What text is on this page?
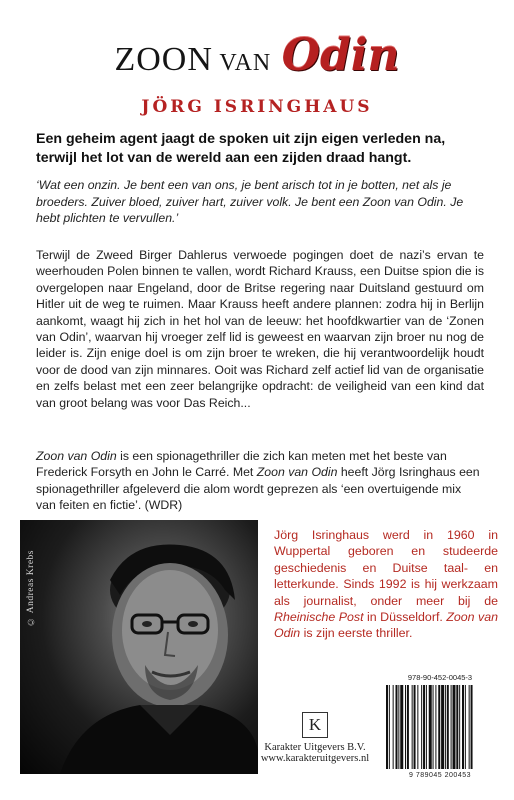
ZOON VAN Odin
JÖRG ISRINGHAUS

Een geheim agent jaagt de spoken uit zijn eigen verleden na, terwijl het lot van de wereld aan een zijden draad hangt.

‘Wat een onzin. Je bent een van ons, je bent arisch tot in je botten, net als je broeders. Zuiver bloed, zuiver hart, zuiver volk. Je bent een Zoon van Odin. Je hebt plichten te vervullen.’

Terwijl de Zweed Birger Dahlerus verwoede pogingen doet de nazi’s ervan te weerhouden Polen binnen te vallen, wordt Richard Krauss, een Duitse spion die is overgelopen naar Engeland, door de Britse regering naar Duitsland gestuurd om Hitler uit de weg te ruimen. Maar Krauss heeft andere plannen: zodra hij in Berlijn aankomt, waagt hij zich in het hol van de leeuw: het hoofdkwartier van de ‘Zonen van Odin’, waarvan hij vroeger zelf lid is geweest en waarvan zijn broer nu nog de leider is. Zijn enige doel is om zijn broer te wreken, die hij verantwoordelijk houdt voor de dood van zijn minnares. Ooit was Richard zelf actief lid van de organisatie en zelfs belast met een zeer belangrijke opdracht: de veiligheid van een kind dat van groot belang was voor Das Reich...

Zoon van Odin is een spionagethriller die zich kan meten met het beste van Frederick Forsyth en John le Carré. Met Zoon van Odin heeft Jörg Isringhaus een spionagethriller afgeleverd die alom wordt geprezen als ‘een overtuigende mix van feiten en fictie’. (WDR)

© Andreas Krebs

Jörg Isringhaus werd in 1960 in Wuppertal geboren en studeerde geschiedenis en Duitse taal- en letterkunde. Sinds 1992 is hij werkzaam als journalist, onder meer bij de Rheinische Post in Düsseldorf. Zoon van Odin is zijn eerste thriller.

K
Karakter Uitgevers B.V.
www.karakteruitgevers.nl
978-90-452-0045-3
9 789045 200453
